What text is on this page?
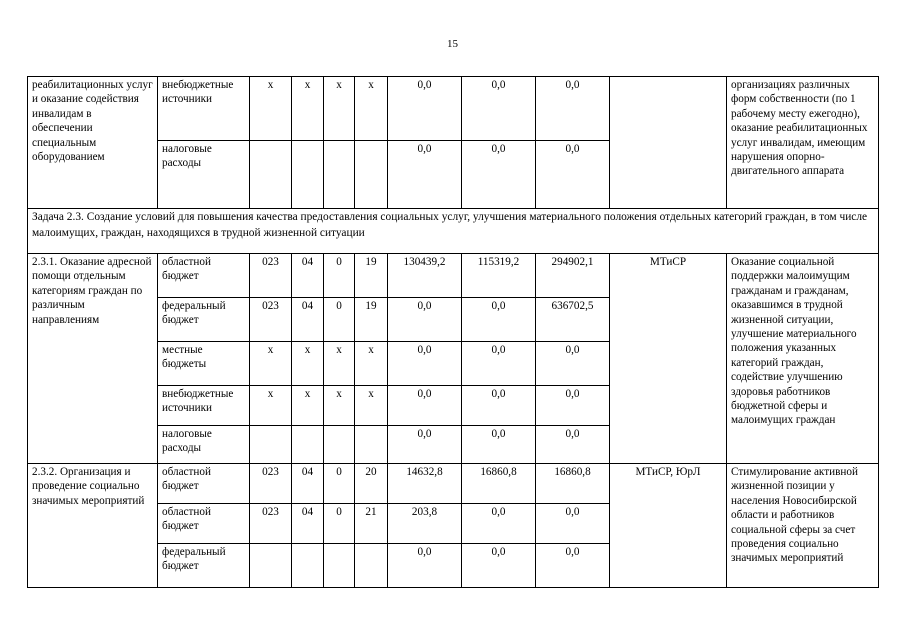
15
реабилитационных услуг и оказание содействия инвалидам в обеспечении специальным оборудованием	внебюджетные источники	х	х	х	х	0,0	0,0	0,0		организациях различных форм собственности (по 1 рабочему месту ежегодно), оказание реабилитационных услуг инвалидам, имеющим нарушения опорно-двигательного аппарата
	налоговые расходы					0,0	0,0	0,0		
Задача 2.3. Создание условий для повышения качества предоставления социальных услуг, улучшения материального положения отдельных категорий граждан, в том числе малоимущих, граждан, находящихся в трудной жизненной ситуации										
2.3.1. Оказание адресной помощи отдельным категориям граждан по различным направлениям	областной бюджет	023	04	0	19	130439,2	115319,2	294902,1	МТиСР	Оказание социальной поддержки малоимущим гражданам и гражданам, оказавшимся в трудной жизненной ситуации, улучшение материального положения указанных категорий граждан, содействие улучшению здоровья работников бюджетной сферы и малоимущих граждан
	федеральный бюджет	023	04	0	19	0,0	0,0	636702,5		
	местные бюджеты	х	х	х	х	0,0	0,0	0,0		
	внебюджетные источники	х	х	х	х	0,0	0,0	0,0		
	налоговые расходы					0,0	0,0	0,0		
2.3.2. Организация и проведение социально значимых мероприятий	областной бюджет	023	04	0	20	14632,8	16860,8	16860,8	МТиСР, ЮрЛ	Стимулирование активной жизненной позиции у населения Новосибирской области и работников социальной сферы за счет проведения социально значимых мероприятий
	областной бюджет	023	04	0	21	203,8	0,0	0,0		
	федеральный бюджет					0,0	0,0	0,0		
